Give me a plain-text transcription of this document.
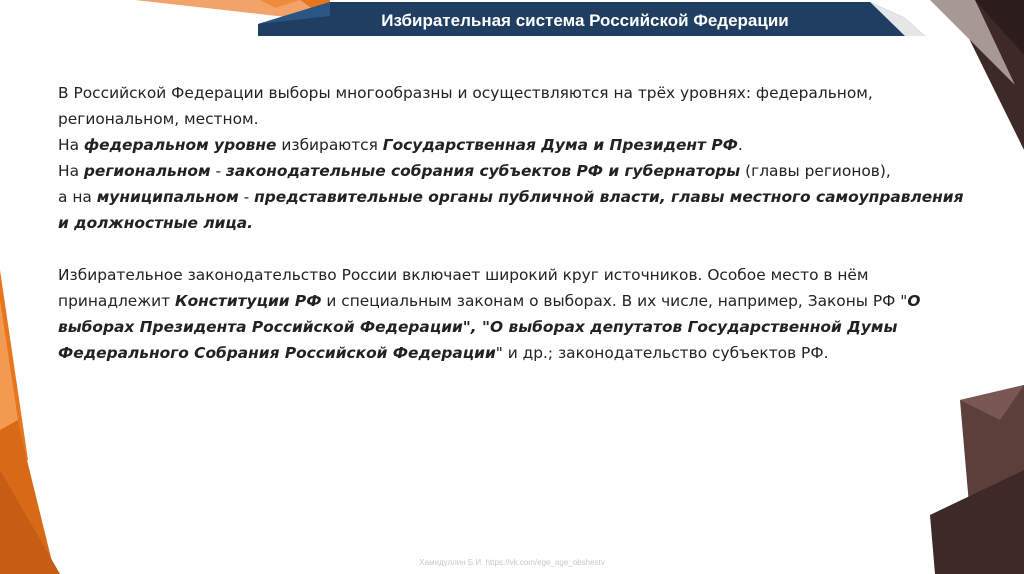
Избирательная система Российской Федерации

В Российской Федерации выборы многообразны и осуществляются на трёх уровнях: федеральном, региональном, местном.

На федеральном уровне избираются Государственная Дума и Президент РФ.

На региональном - законодательные собрания субъектов РФ и губернаторы (главы регионов),

а на муниципальном - представительные органы публичной власти, главы местного самоуправления и должностные лица.

Избирательное законодательство России включает широкий круг источников. Особое место в нём принадлежит Конституции РФ и специальным законам о выборах. В их числе, например, Законы РФ "О выборах Президента Российской Федерации", "О выборах депутатов Государственной Думы Федерального Собрания Российской Федерации" и др.; законодательство субъектов РФ.

Хамидуллин Б.И. https://vk.com/ege_oge_obshestv
